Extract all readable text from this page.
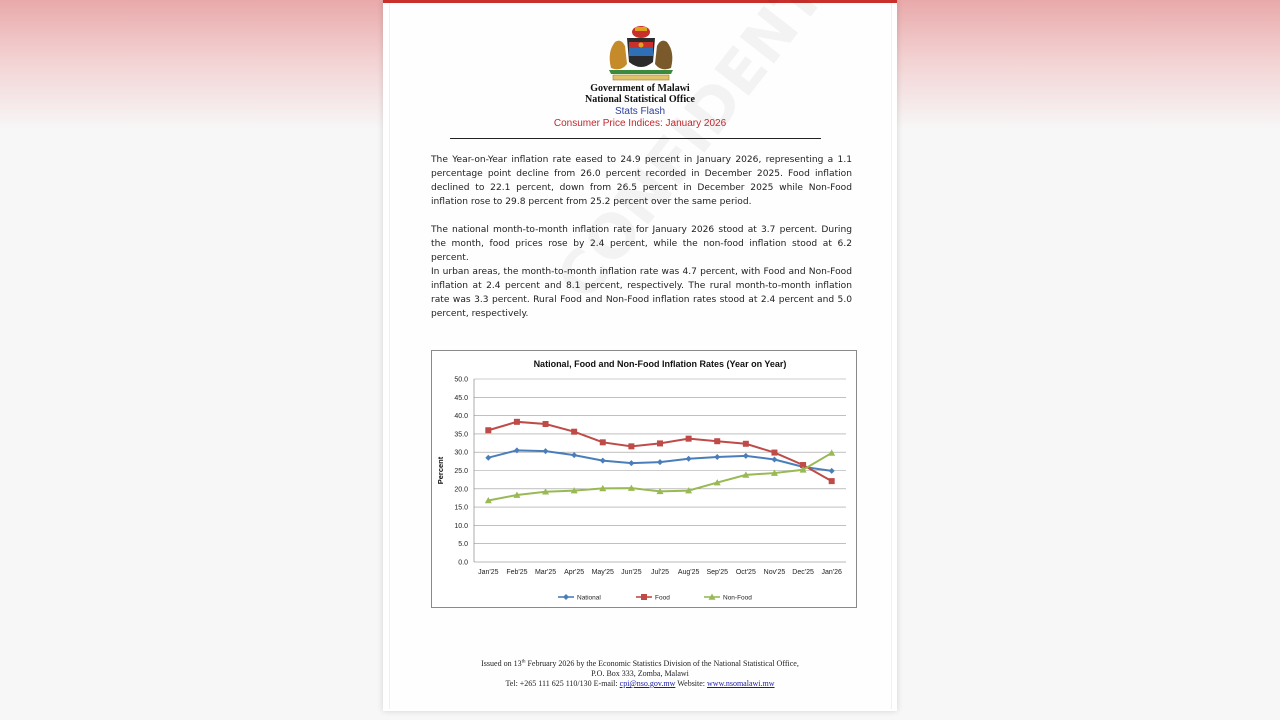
Government of Malawi
National Statistical Office
Stats Flash
Consumer Price Indices: January 2026

The Year-on-Year inflation rate eased to 24.9 percent in January 2026, representing a 1.1 percentage point decline from 26.0 percent recorded in December 2025. Food inflation declined to 22.1 percent, down from 26.5 percent in December 2025 while Non-Food inflation rose to 29.8 percent from 25.2 percent over the same period.

The national month-to-month inflation rate for January 2026 stood at 3.7 percent. During the month, food prices rose by 2.4 percent, while the non-food inflation stood at 6.2 percent.

In urban areas, the month-to-month inflation rate was 4.7 percent, with Food and Non-Food inflation at 2.4 percent and 8.1 percent, respectively. The rural month-to-month inflation rate was 3.3 percent. Rural Food and Non-Food inflation rates stood at 2.4 percent and 5.0 percent, respectively.

National, Food and Non-Food Inflation Rates (Year on Year)
0.0
5.0
10.0
15.0
20.0
25.0
30.0
35.0
40.0
45.0
50.0
Percent
Jan'25 Feb'25 Mar'25 Apr'25 May'25 Jun'25 Jul'25 Aug'25 Sep'25 Oct'25 Nov'25 Dec'25 Jan'26
National	Food	Non-Food
Issued on 13th February 2026 by the Economic Statistics Division of the National Statistical Office,
P.O. Box 333, Zomba, Malawi
Tel: +265 111 625 110/130 E-mail: cpi@nso.gov.mw Website: www.nsomalawi.mw
